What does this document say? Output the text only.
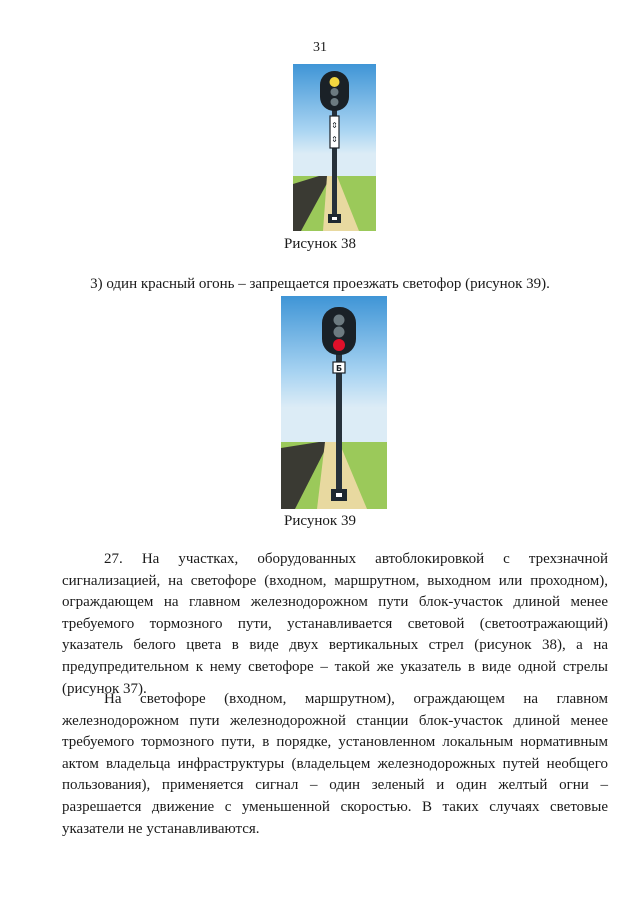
31
⇕
⇕
Рисунок 38
3) один красный огонь – запрещается проезжать светофор (рисунок 39).
Б
Рисунок 39

27. На участках, оборудованных автоблокировкой с трехзначной сигнализацией, на светофоре (входном, маршрутном, выходном или проходном), ограждающем на главном железнодорожном пути блок-участок длиной менее требуемого тормозного пути, устанавливается световой (светоотражающий) указатель белого цвета в виде двух вертикальных стрел (рисунок 38), а на предупредительном к нему светофоре – такой же указатель в виде одной стрелы (рисунок 37).

На светофоре (входном, маршрутном), ограждающем на главном железнодорожном пути железнодорожной станции блок-участок длиной менее требуемого тормозного пути, в порядке, установленном локальным нормативным актом владельца инфраструктуры (владельцем железнодорожных путей необщего пользования), применяется сигнал – один зеленый и один желтый огни – разрешается движение с уменьшенной скоростью. В таких случаях световые указатели не устанавливаются.
